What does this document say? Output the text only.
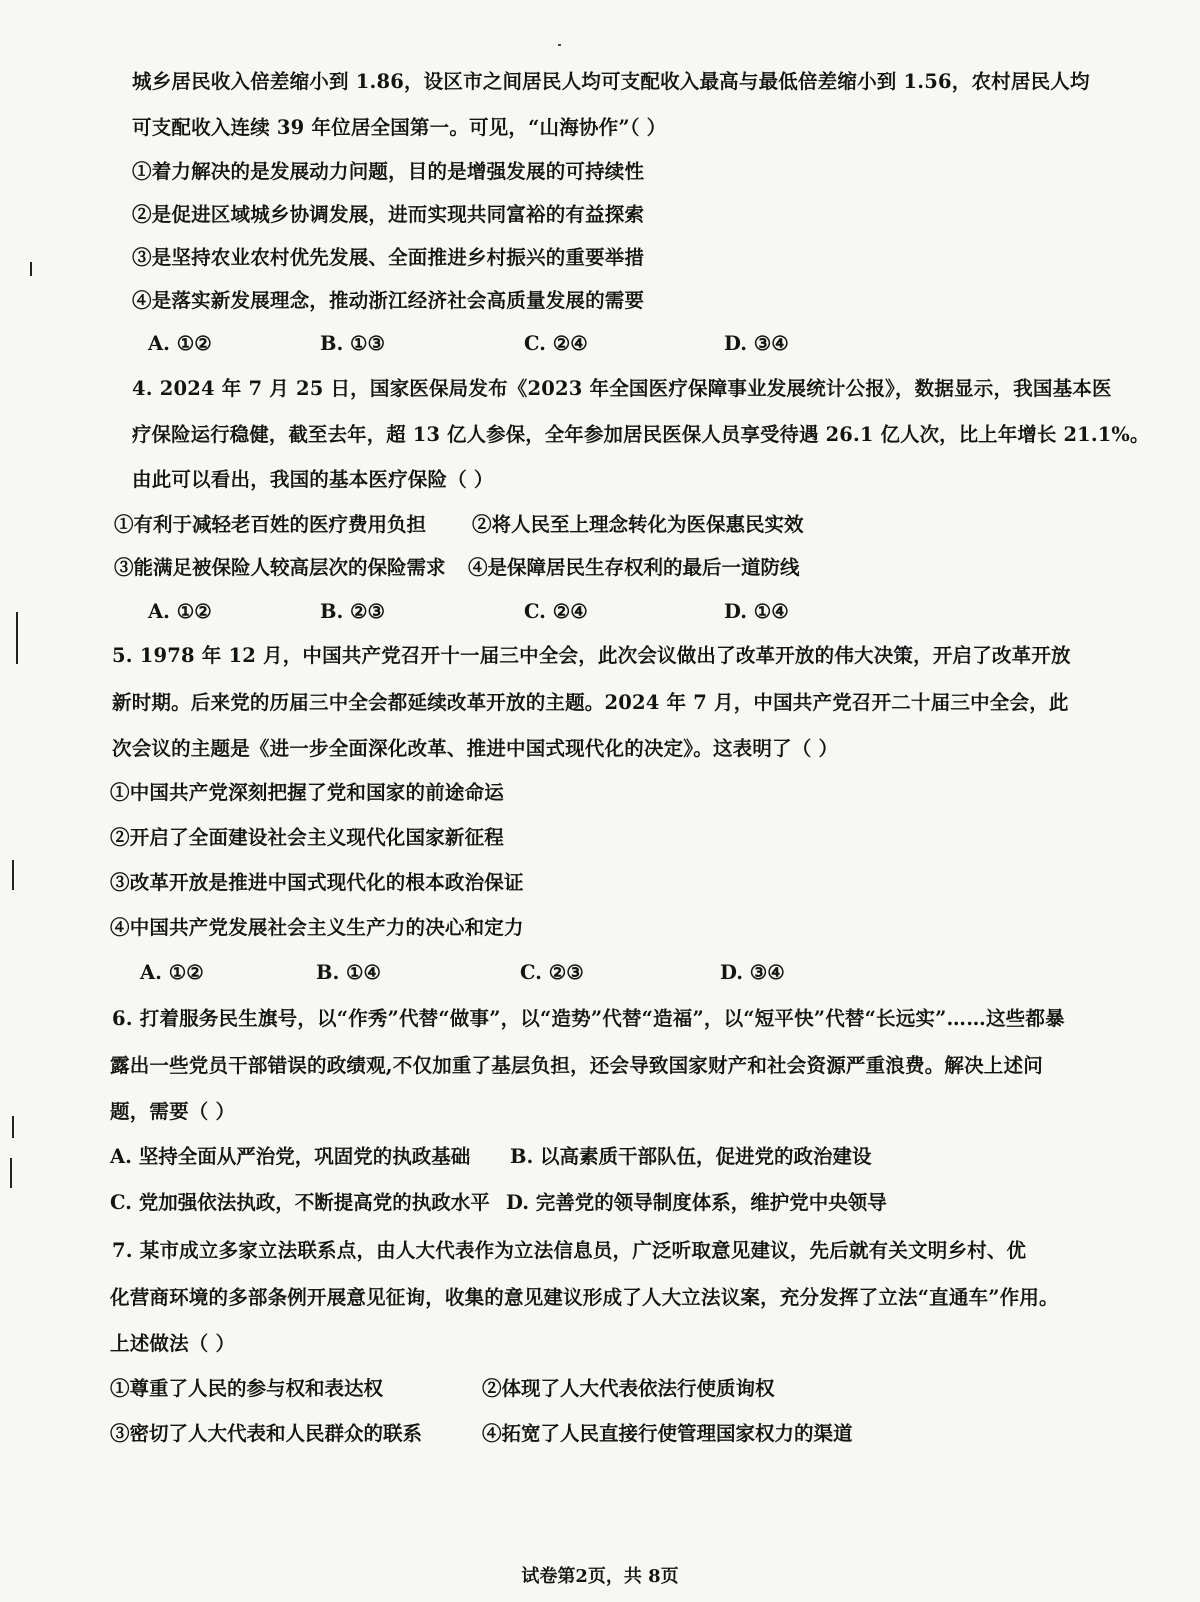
城乡居民收入倍差缩小到 1.86，设区市之间居民人均可支配收入最高与最低倍差缩小到 1.56，农村居民人均
可支配收入连续 39 年位居全国第一。可见，“山海协作”（ ）
①着力解决的是发展动力问题，目的是增强发展的可持续性
②是促进区域城乡协调发展，进而实现共同富裕的有益探索
③是坚持农业农村优先发展、全面推进乡村振兴的重要举措
④是落实新发展理念，推动浙江经济社会高质量发展的需要
A. ①②	B. ①③	C. ②④	D. ③④
4. 2024 年 7 月 25 日，国家医保局发布《2023 年全国医疗保障事业发展统计公报》，数据显示，我国基本医
疗保险运行稳健，截至去年，超 13 亿人参保，全年参加居民医保人员享受待遇 26.1 亿人次，比上年增长 21.1%。
由此可以看出，我国的基本医疗保险（ ）
①有利于减轻老百姓的医疗费用负担 ②将人民至上理念转化为医保惠民实效
③能满足被保险人较高层次的保险需求 ④是保障居民生存权利的最后一道防线
A. ①②	B. ②③	C. ②④	D. ①④
5. 1978 年 12 月，中国共产党召开十一届三中全会，此次会议做出了改革开放的伟大决策，开启了改革开放
新时期。后来党的历届三中全会都延续改革开放的主题。2024 年 7 月，中国共产党召开二十届三中全会，此
次会议的主题是《进一步全面深化改革、推进中国式现代化的决定》。这表明了（ ）
①中国共产党深刻把握了党和国家的前途命运
②开启了全面建设社会主义现代化国家新征程
③改革开放是推进中国式现代化的根本政治保证
④中国共产党发展社会主义生产力的决心和定力
A. ①②	B. ①④	C. ②③	D. ③④
6. 打着服务民生旗号，以“作秀”代替“做事”，以“造势”代替“造福”，以“短平快”代替“长远实”……这些都暴
露出一些党员干部错误的政绩观,不仅加重了基层负担，还会导致国家财产和社会资源严重浪费。解决上述问
题，需要（ ）
A. 坚持全面从严治党，巩固党的执政基础 B. 以高素质干部队伍，促进党的政治建设
C. 党加强依法执政，不断提高党的执政水平 D. 完善党的领导制度体系，维护党中央领导
7. 某市成立多家立法联系点，由人大代表作为立法信息员，广泛听取意见建议，先后就有关文明乡村、优
化营商环境的多部条例开展意见征询，收集的意见建议形成了人大立法议案，充分发挥了立法“直通车”作用。
上述做法（ ）
①尊重了人民的参与权和表达权	②体现了人大代表依法行使质询权
③密切了人大代表和人民群众的联系	④拓宽了人民直接行使管理国家权力的渠道
试卷第2页，共 8页
